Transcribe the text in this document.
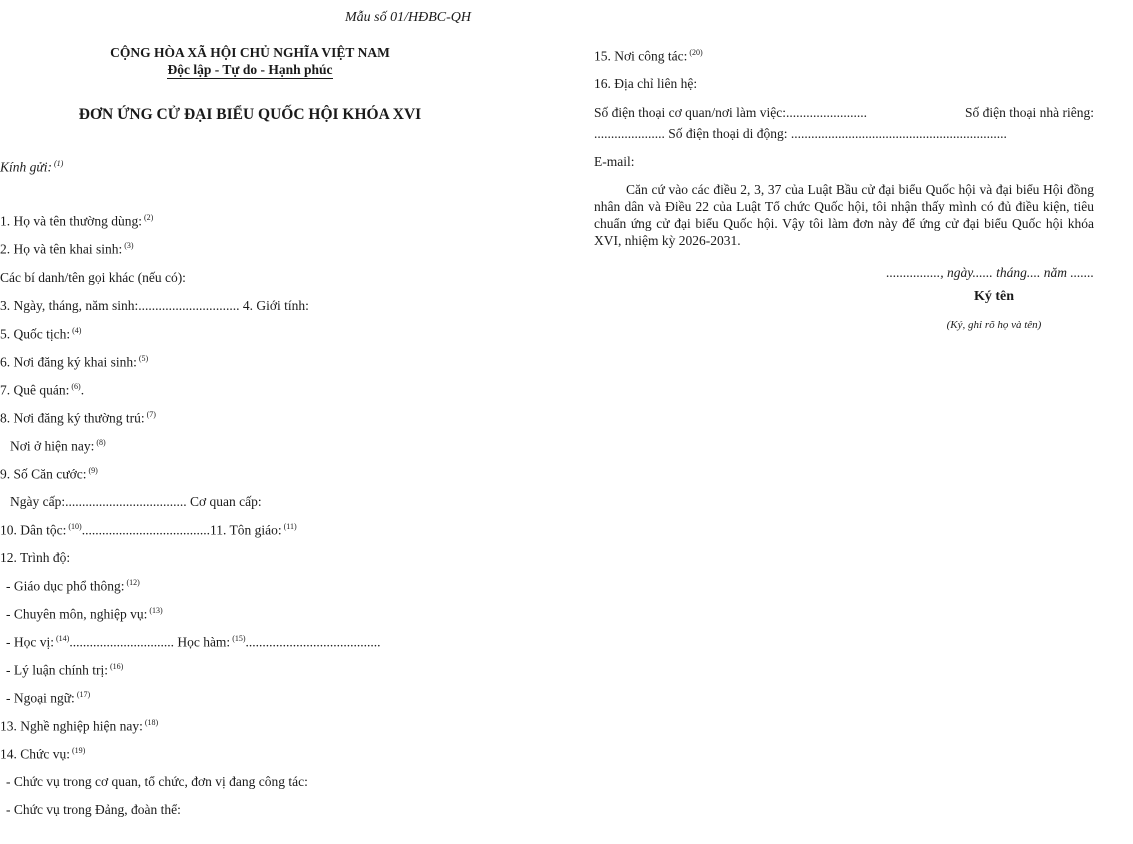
Mẫu số 01/HĐBC-QH
CỘNG HÒA XÃ HỘI CHỦ NGHĨA VIỆT NAM
Độc lập - Tự do - Hạnh phúc
ĐƠN ỨNG CỬ ĐẠI BIỂU QUỐC HỘI KHÓA XVI
Kính gửi: $^{(1)}$
1. Họ và tên thường dùng: $^{(2)}$
2. Họ và tên khai sinh: $^{(3)}$
Các bí danh/tên gọi khác (nếu có):
3. Ngày, tháng, năm sinh:.............................. 4. Giới tính:
5. Quốc tịch: $^{(4)}$
6. Nơi đăng ký khai sinh: $^{(5)}$
7. Quê quán: $^{(6)}$.
8. Nơi đăng ký thường trú: $^{(7)}$
Nơi ở hiện nay: $^{(8)}$
9. Số Căn cước: $^{(9)}$
Ngày cấp:.................................... Cơ quan cấp:
10. Dân tộc: $^{(10)}$......................................11. Tôn giáo: $^{(11)}$
12. Trình độ:
- Giáo dục phổ thông: $^{(12)}$
- Chuyên môn, nghiệp vụ: $^{(13)}$
- Học vị: $^{(14)}$............................... Học hàm: $^{(15)}$........................................
- Lý luận chính trị: $^{(16)}$
- Ngoại ngữ: $^{(17)}$
13. Nghề nghiệp hiện nay: $^{(18)}$
14. Chức vụ: $^{(19)}$
- Chức vụ trong cơ quan, tổ chức, đơn vị đang công tác:
- Chức vụ trong Đảng, đoàn thể:
15. Nơi công tác: $^{(20)}$
16. Địa chỉ liên hệ:
Số điện thoại cơ quan/nơi làm việc:........................	Số điện thoại nhà riêng:
..................... Số điện thoại di động: ................................................................
E-mail:
Căn cứ vào các điều 2, 3, 37 của Luật Bầu cử đại biểu Quốc hội và đại biểu Hội đồng nhân dân và Điều 22 của Luật Tổ chức Quốc hội, tôi nhận thấy mình có đủ điều kiện, tiêu chuẩn ứng cử đại biểu Quốc hội. Vậy tôi làm đơn này để ứng cử đại biểu Quốc hội khóa XVI, nhiệm kỳ 2026-2031.
................, ngày...... tháng.... năm .......
Ký tên
(Ký, ghi rõ họ và tên)
